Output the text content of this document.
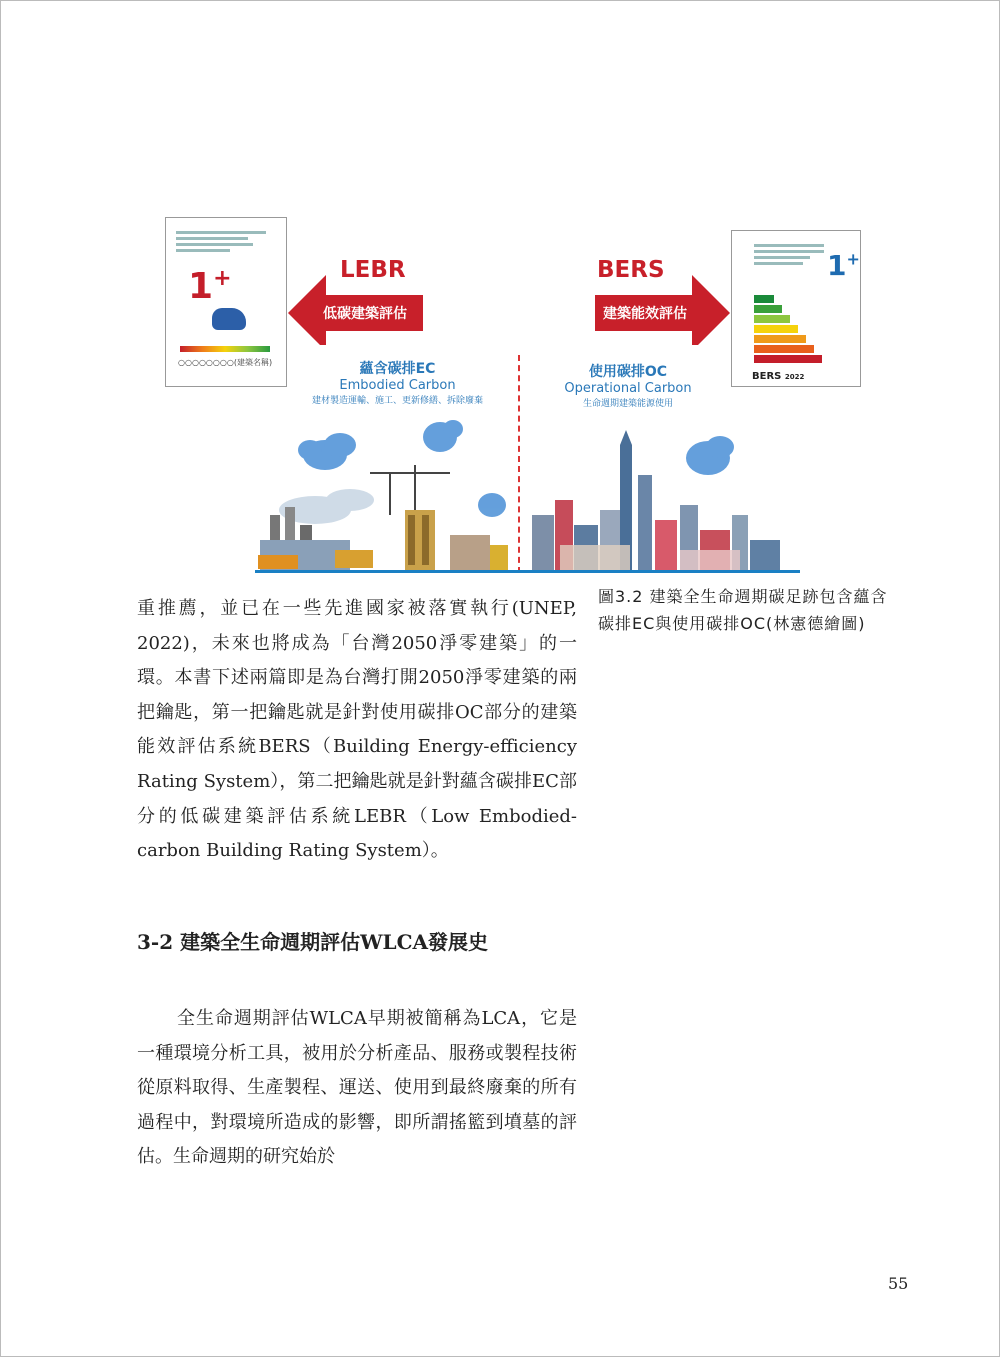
1+
○○○○○○○○(建築名稱)
LEBR
低碳建築評估
BERS
建築能效評估
1+
BERS 2022
蘊含碳排EC
Embodied Carbon
建材製造運輸、施工、更新修繕、拆除廢棄
使用碳排OC
Operational Carbon
生命週期建築能源使用
圖3.2 建築全生命週期碳足跡包含蘊含碳排EC與使用碳排OC(林憲德繪圖)
重推薦，並已在一些先進國家被落實執行(UNEP, 2022)，未來也將成為「台灣2050淨零建築」的一環。本書下述兩篇即是為台灣打開2050淨零建築的兩把鑰匙，第一把鑰匙就是針對使用碳排OC部分的建築能效評估系統BERS（Building Energy-efficiency Rating System），第二把鑰匙就是針對蘊含碳排EC部分的低碳建築評估系統LEBR（Low Embodied-carbon Building Rating System）。
3-2 建築全生命週期評估WLCA發展史
全生命週期評估WLCA早期被簡稱為LCA，它是一種環境分析工具，被用於分析產品、服務或製程技術從原料取得、生產製程、運送、使用到最終廢棄的所有過程中，對環境所造成的影響，即所謂搖籃到墳墓的評估。生命週期的研究始於
55
